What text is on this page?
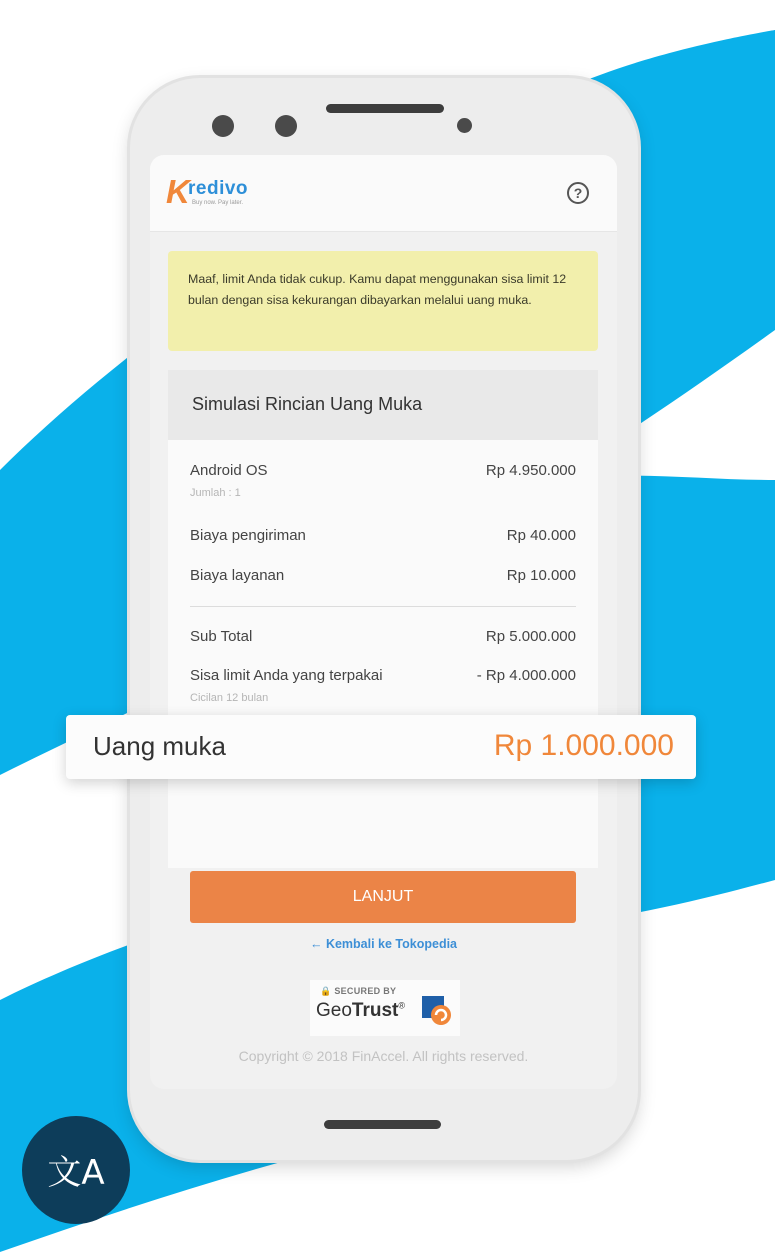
K
redivo
Buy now. Pay later.
?

Maaf, limit Anda tidak cukup. Kamu dapat menggunakan sisa limit 12 bulan dengan sisa kekurangan dibayarkan melalui uang muka.

Simulasi Rincian Uang Muka
Android OS	Rp 4.950.000
Jumlah : 1
Biaya pengiriman	Rp 40.000
Biaya layanan	Rp 10.000
Sub Total	Rp 5.000.000
Sisa limit Anda yang terpakai	- Rp 4.000.000
Cicilan 12 bulan
LANJUT
← Kembali ke Tokopedia
🔒 SECURED BY
GeoTrust®
Copyright © 2018 FinAccel. All rights reserved.
Uang muka	Rp 1.000.000
文A
